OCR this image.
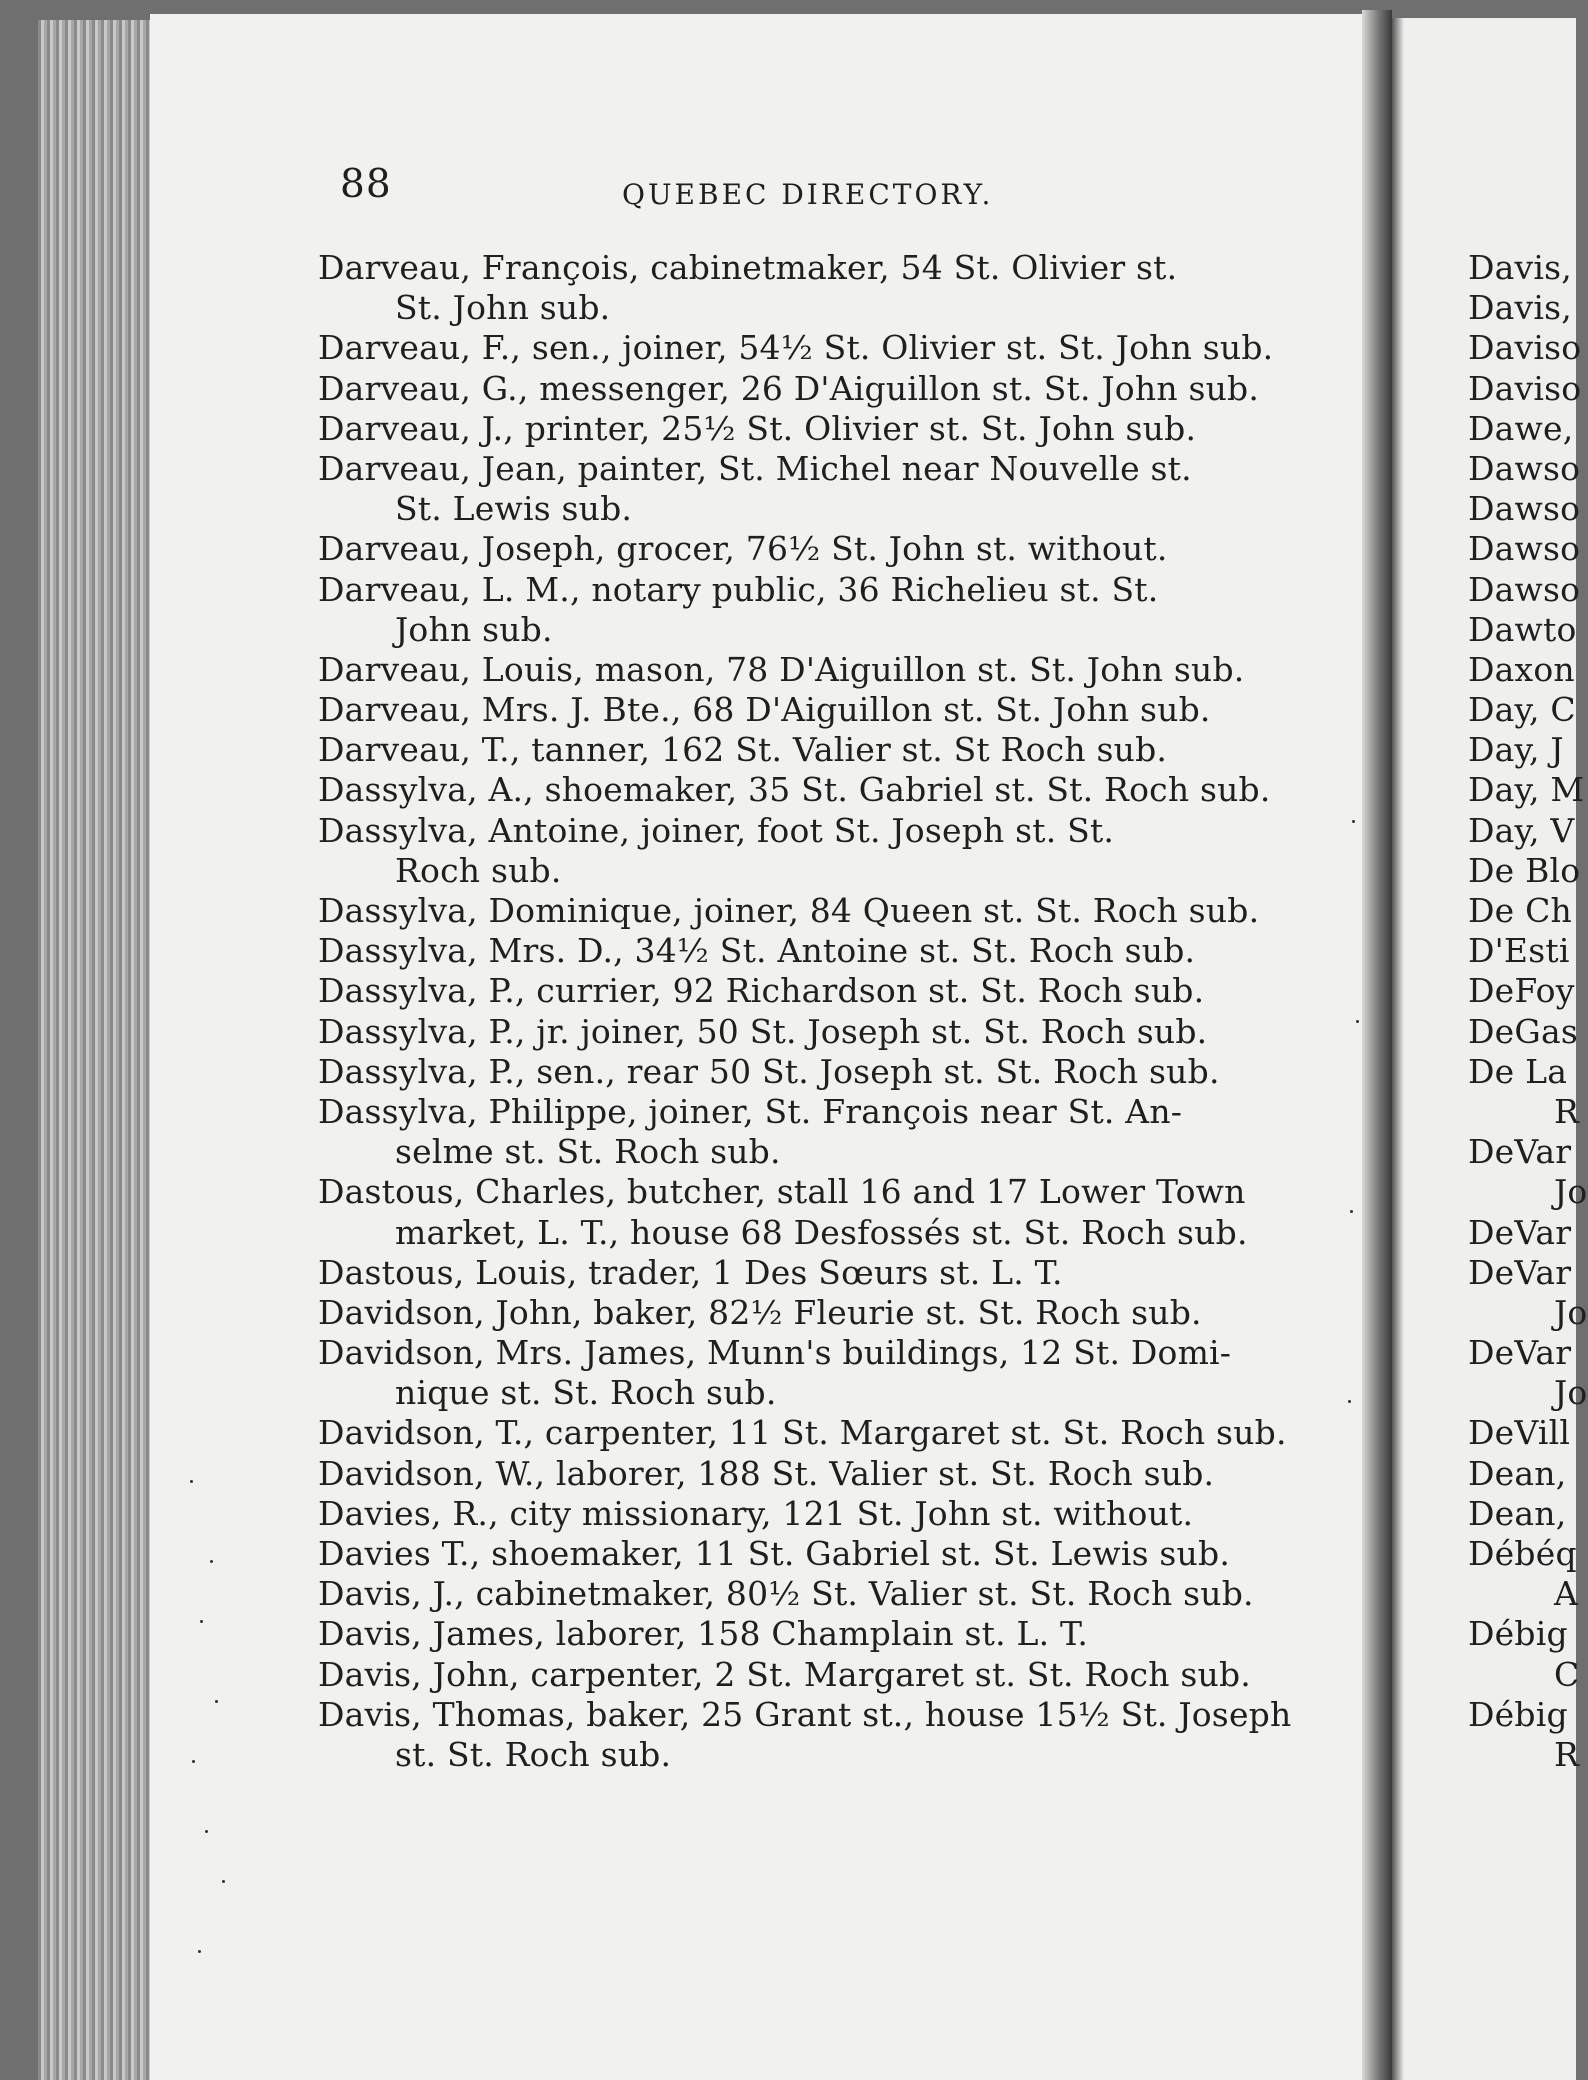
88	QUEBEC DIRECTORY.
Darveau, François, cabinetmaker, 54 St. Olivier st.
St. John sub.
Darveau, F., sen., joiner, 54½ St. Olivier st. St. John sub.
Darveau, G., messenger, 26 D'Aiguillon st. St. John sub.
Darveau, J., printer, 25½ St. Olivier st. St. John sub.
Darveau, Jean, painter, St. Michel near Nouvelle st.
St. Lewis sub.
Darveau, Joseph, grocer, 76½ St. John st. without.
Darveau, L. M., notary public, 36 Richelieu st. St.
John sub.
Darveau, Louis, mason, 78 D'Aiguillon st. St. John sub.
Darveau, Mrs. J. Bte., 68 D'Aiguillon st. St. John sub.
Darveau, T., tanner, 162 St. Valier st. St Roch sub.
Dassylva, A., shoemaker, 35 St. Gabriel st. St. Roch sub.
Dassylva, Antoine, joiner, foot St. Joseph st. St.
Roch sub.
Dassylva, Dominique, joiner, 84 Queen st. St. Roch sub.
Dassylva, Mrs. D., 34½ St. Antoine st. St. Roch sub.
Dassylva, P., currier, 92 Richardson st. St. Roch sub.
Dassylva, P., jr. joiner, 50 St. Joseph st. St. Roch sub.
Dassylva, P., sen., rear 50 St. Joseph st. St. Roch sub.
Dassylva, Philippe, joiner, St. François near St. An-
selme st. St. Roch sub.
Dastous, Charles, butcher, stall 16 and 17 Lower Town
market, L. T., house 68 Desfossés st. St. Roch sub.
Dastous, Louis, trader, 1 Des Sœurs st. L. T.
Davidson, John, baker, 82½ Fleurie st. St. Roch sub.
Davidson, Mrs. James, Munn's buildings, 12 St. Domi-
nique st. St. Roch sub.
Davidson, T., carpenter, 11 St. Margaret st. St. Roch sub.
Davidson, W., laborer, 188 St. Valier st. St. Roch sub.
Davies, R., city missionary, 121 St. John st. without.
Davies T., shoemaker, 11 St. Gabriel st. St. Lewis sub.
Davis, J., cabinetmaker, 80½ St. Valier st. St. Roch sub.
Davis, James, laborer, 158 Champlain st. L. T.
Davis, John, carpenter, 2 St. Margaret st. St. Roch sub.
Davis, Thomas, baker, 25 Grant st., house 15½ St. Joseph
st. St. Roch sub.
Davis,
Davis,
Daviso
Daviso
Dawe,
Dawso
Dawso
Dawso
Dawso
Dawto
Daxon
Day, C
Day, J
Day, M
Day, V
De Blo
De Ch
D'Esti
DeFoy
DeGas
De La
R
DeVar
Jo
DeVar
DeVar
Jo
DeVar
Jo
DeVill
Dean,
Dean,
Débéq
A
Débig
C
Débig
R
